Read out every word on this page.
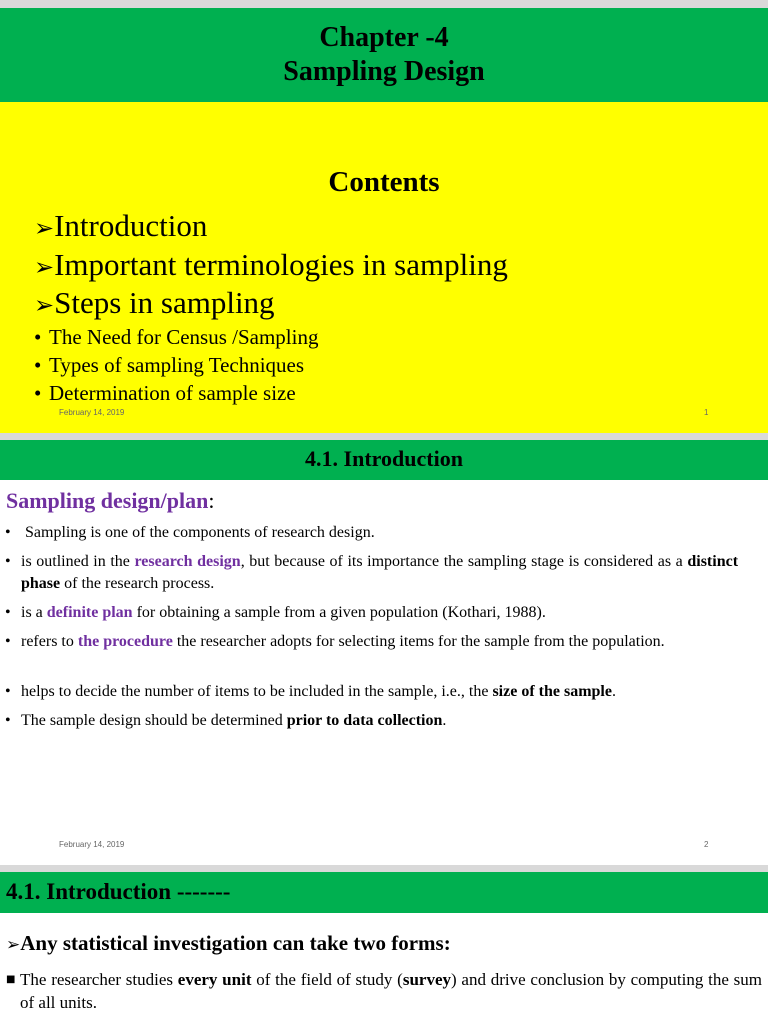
Chapter -4
Sampling Design
Contents
➢Introduction
➢Important terminologies in sampling
➢Steps in sampling
• The Need for Census /Sampling
• Types of sampling Techniques
• Determination of sample size
February 14, 2019	1
4.1. Introduction
Sampling design/plan:
• Sampling is one of the components of research design.
• is outlined in the research design, but because of its importance the sampling stage is considered as a distinct phase of the research process.
• is a definite plan for obtaining a sample from a given population (Kothari, 1988).
• refers to the procedure the researcher adopts for selecting items for the sample from the population.
• helps to decide the number of items to be included in the sample, i.e., the size of the sample.
• The sample design should be determined prior to data collection.
February 14, 2019	2
4.1. Introduction -------
➢Any statistical investigation can take two forms:
■ The researcher studies every unit of the field of study (survey) and drive conclusion by computing the sum of all units.
